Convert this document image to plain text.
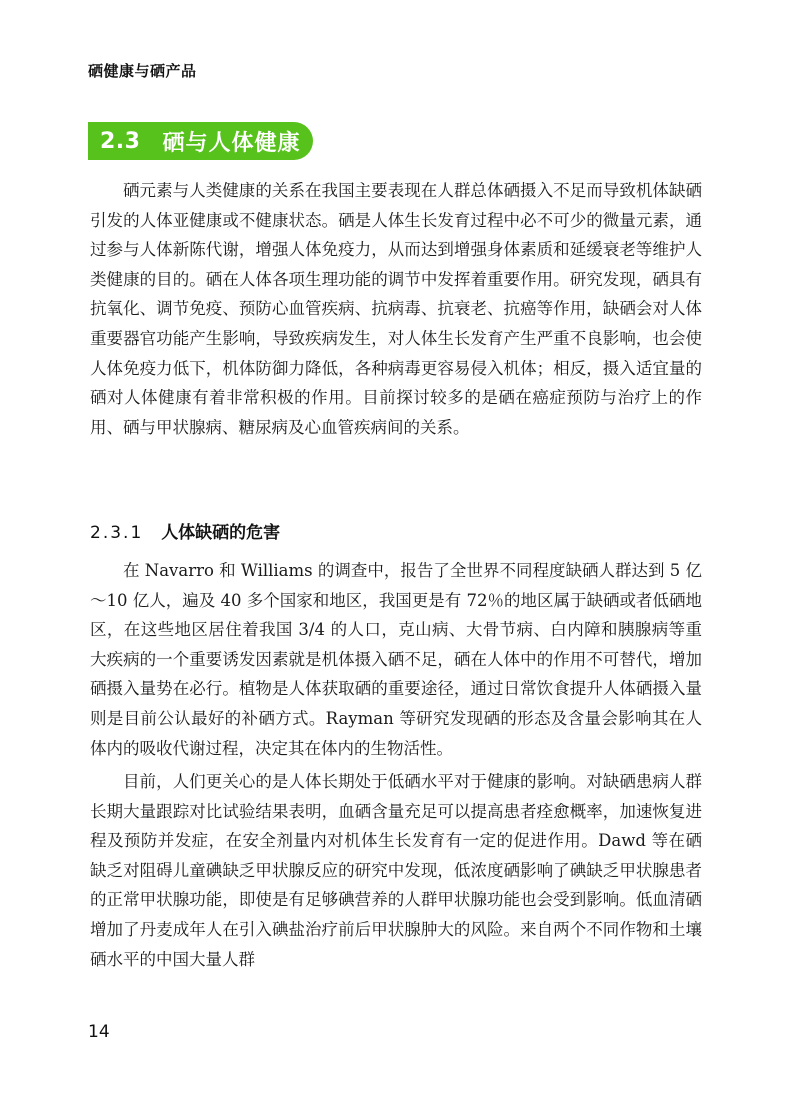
硒健康与硒产品
2.3 硒与人体健康

硒元素与人类健康的关系在我国主要表现在人群总体硒摄入不足而导致机体缺硒引发的人体亚健康或不健康状态。硒是人体生长发育过程中必不可少的微量元素，通过参与人体新陈代谢，增强人体免疫力，从而达到增强身体素质和延缓衰老等维护人类健康的目的。硒在人体各项生理功能的调节中发挥着重要作用。研究发现，硒具有抗氧化、调节免疫、预防心血管疾病、抗病毒、抗衰老、抗癌等作用，缺硒会对人体重要器官功能产生影响，导致疾病发生，对人体生长发育产生严重不良影响，也会使人体免疫力低下，机体防御力降低，各种病毒更容易侵入机体；相反，摄入适宜量的硒对人体健康有着非常积极的作用。目前探讨较多的是硒在癌症预防与治疗上的作用、硒与甲状腺病、糖尿病及心血管疾病间的关系。

2.3.1 人体缺硒的危害

在 Navarro 和 Williams 的调查中，报告了全世界不同程度缺硒人群达到 5 亿～10 亿人，遍及 40 多个国家和地区，我国更是有 72％的地区属于缺硒或者低硒地区，在这些地区居住着我国 3/4 的人口，克山病、大骨节病、白内障和胰腺病等重大疾病的一个重要诱发因素就是机体摄入硒不足，硒在人体中的作用不可替代，增加硒摄入量势在必行。植物是人体获取硒的重要途径，通过日常饮食提升人体硒摄入量则是目前公认最好的补硒方式。Rayman 等研究发现硒的形态及含量会影响其在人体内的吸收代谢过程，决定其在体内的生物活性。

目前，人们更关心的是人体长期处于低硒水平对于健康的影响。对缺硒患病人群长期大量跟踪对比试验结果表明，血硒含量充足可以提高患者痊愈概率，加速恢复进程及预防并发症，在安全剂量内对机体生长发育有一定的促进作用。Dawd 等在硒缺乏对阻碍儿童碘缺乏甲状腺反应的研究中发现，低浓度硒影响了碘缺乏甲状腺患者的正常甲状腺功能，即使是有足够碘营养的人群甲状腺功能也会受到影响。低血清硒增加了丹麦成年人在引入碘盐治疗前后甲状腺肿大的风险。来自两个不同作物和土壤硒水平的中国大量人群

14
